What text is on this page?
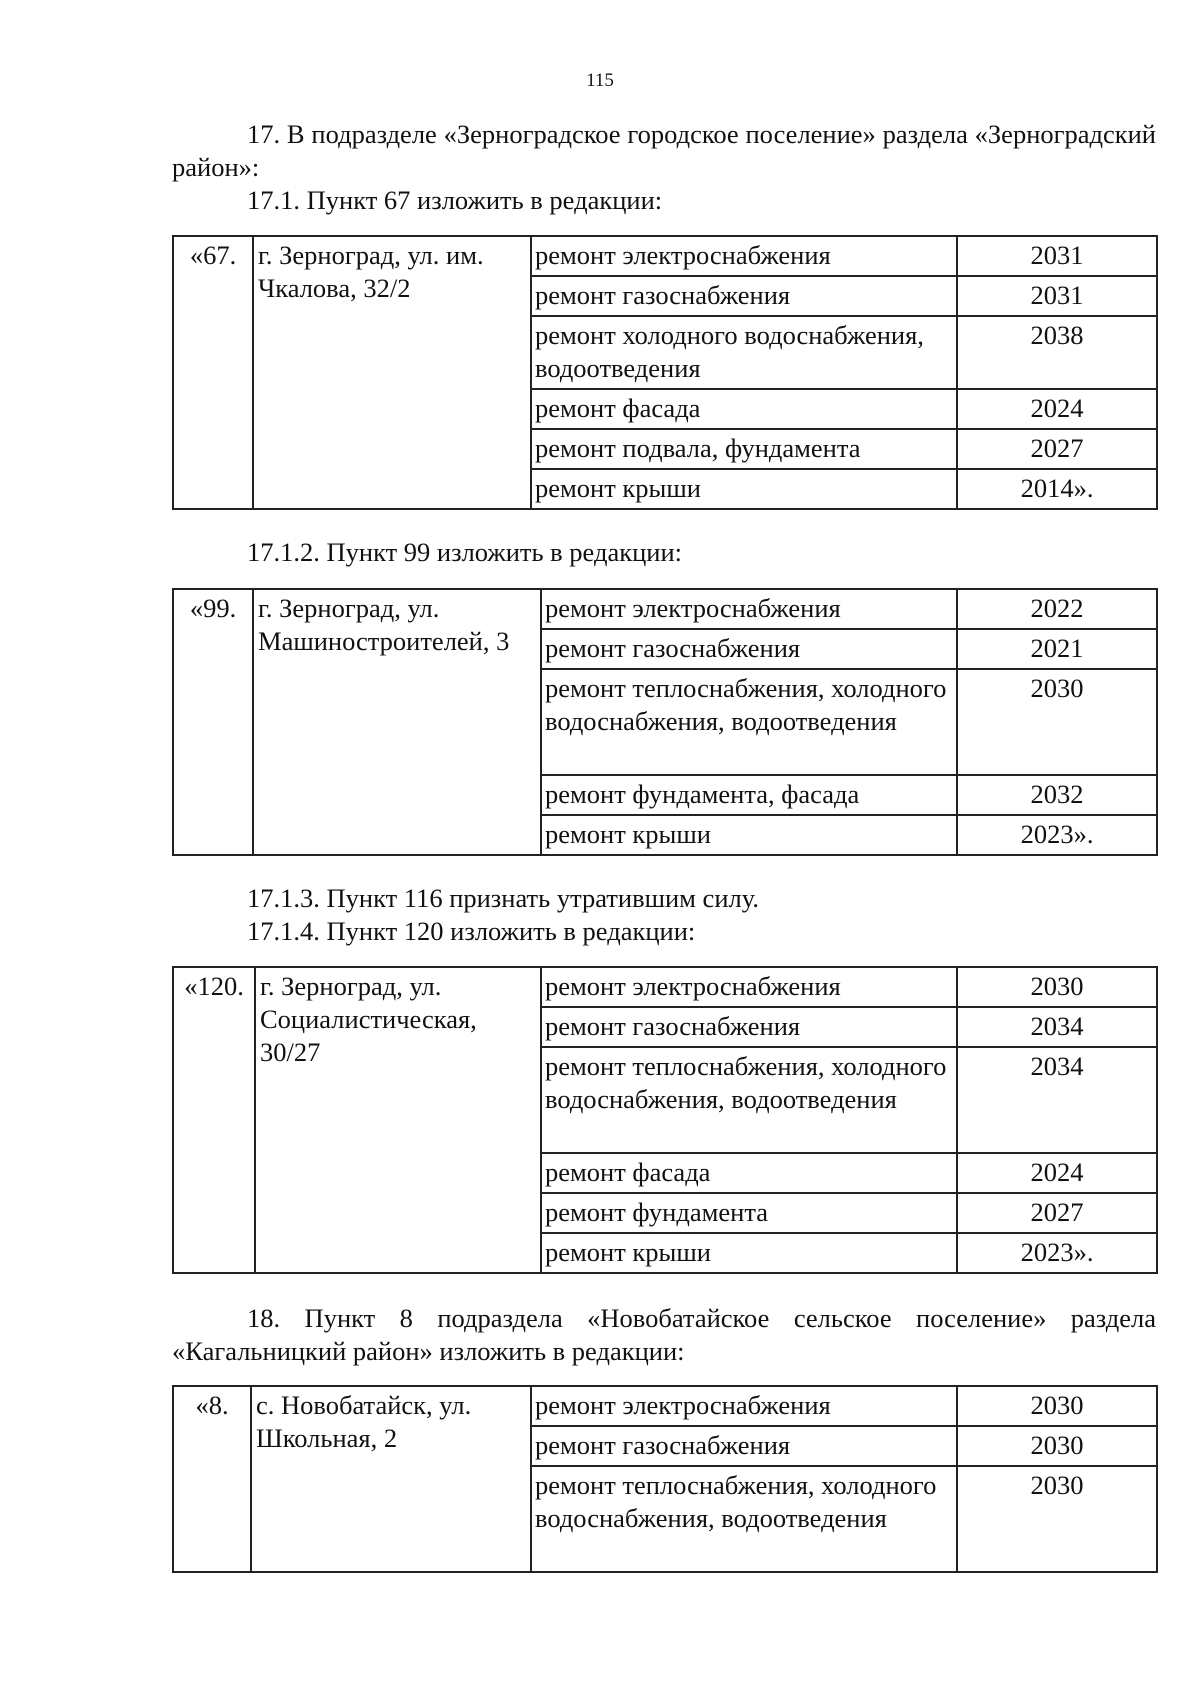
115
17. В подразделе «Зерноградское городское поселение» раздела «Зерноградский район»:
17.1. Пункт 67 изложить в редакции:
«67.	г. Зерноград, ул. им. Чкалова, 32/2	ремонт электроснабжения	2031
		ремонт газоснабжения	2031
		ремонт холодного водоснабжения, водоотведения	2038
		ремонт фасада	2024
		ремонт подвала, фундамента	2027
		ремонт крыши	2014».
17.1.2. Пункт 99 изложить в редакции:
«99.	г. Зерноград, ул. Машиностроителей, 3	ремонт электроснабжения	2022
		ремонт газоснабжения	2021
		ремонт теплоснабжения, холодного водоснабжения, водоотведения	2030
		ремонт фундамента, фасада	2032
		ремонт крыши	2023».
17.1.3. Пункт 116 признать утратившим силу.
17.1.4. Пункт 120 изложить в редакции:
«120.	г. Зерноград, ул. Социалистическая, 30/27	ремонт электроснабжения	2030
		ремонт газоснабжения	2034
		ремонт теплоснабжения, холодного водоснабжения, водоотведения	2034
		ремонт фасада	2024
		ремонт фундамента	2027
		ремонт крыши	2023».
18. Пункт 8 подраздела «Новобатайское сельское поселение» раздела «Кагальницкий район» изложить в редакции:
«8.	с. Новобатайск, ул. Школьная, 2	ремонт электроснабжения	2030
		ремонт газоснабжения	2030
		ремонт теплоснабжения, холодного водоснабжения, водоотведения	2030
